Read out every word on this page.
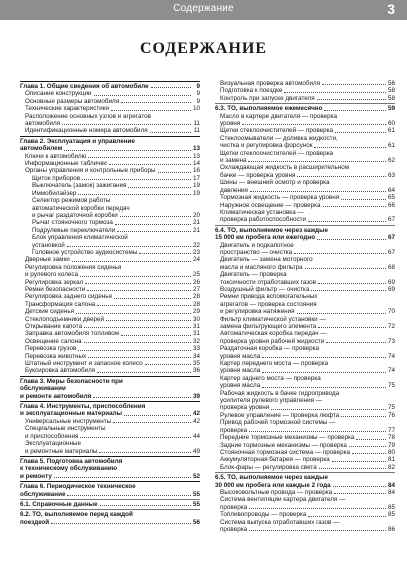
Содержание	3
СОДЕРЖАНИЕ
Глава 1. Общие сведения об автомобиле	9
Описание конструкции	9
Основные размеры автомобиля	9
Технические характеристики	10
Расположение основных узлов и агрегатов
автомобиля	11
Идентификационные номера автомобиля	11
Глава 2. Эксплуатация и управление
автомобилем	13
Ключи к автомобилю	13
Информационные таблички	14
Органы управления и контрольные приборы	16
Щиток приборов	17
Выключатель (замок) зажигания	19
Иммобилайзер	19
Селектор режимов работы
автоматической коробки передач
и рычаг раздаточной коробки	20
Рычаг стояночного тормоза	21
Подрулевые переключатели	21
Блок управления климатической
установкой	22
Головное устройство аудиосистемы	23
Дверные замки	24
Регулировка положения сиденья
и рулевого колеса	25
Регулировка зеркал	26
Ремни безопасности	27
Регулировка заднего сиденья	28
Трансформация салона	28
Детские сиденья	29
Стеклоподъемники дверей	30
Открывание капота	31
Заправка автомобиля топливом	31
Освещение салона	32
Перевозка грузов	33
Перевозка животных	34
Штатный инструмент и запасное колесо	35
Буксировка автомобиля	36
Глава 3. Меры безопасности при
обслуживании
и ремонте автомобиля	39
Глава 4. Инструменты, приспособления
и эксплуатационные материалы	42
Универсальные инструменты	42
Специальные инструменты
и приспособления	44
Эксплуатационные
и ремонтные материалы	49
Глава 5. Подготовка автомобиля
к техническому обслуживанию
и ремонту	52
Глава 6. Периодическое техническое
обслуживание	55
6.1. Справочные данные	55
6.2. ТО, выполняемое перед каждой
поездкой	56
Визуальная проверка автомобиля	56
Подготовка к поездке	58
Контроль при запуске двигателя	58
6.3. ТО, выполняемое ежемесячно	59
Масло в картере двигателя — проверка
уровня	60
Щетки стеклоочистителей — проверка	61
Стеклоомыватели — доливка жидкости,
чистка и регулировка форсунок	61
Щетки стеклоочистителей — проверка
и замена	62
Охлаждающая жидкость в расширительном
бачке — проверка уровня	63
Шины — внешний осмотр и проверка
давления	64
Тормозная жидкость — проверка уровня	65
Наружное освещение — проверка	66
Климатическая установка —
проверка работоспособности	67
6.4. ТО, выполняемое через каждые
15 000 км пробега или ежегодно	67
Двигатель и подкапотное
пространство — очистка	67
Двигатель — замена моторного
масла и масляного фильтра	68
Двигатель — проверка
токсичности отработавших газов	69
Воздушный фильтр — очистка	69
Ремни привода вспомогательных
агрегатов — проверка состояния
и регулировка натяжения	70
Фильтр климатической установки —
замена фильтрующего элемента	72
Автоматическая коробка передач —
проверка уровня рабочей жидкости	73
Раздаточная коробка — проверка
уровня масла	74
Картер переднего моста — проверка
уровня масла	74
Картер заднего моста — проверка
уровня масла	75
Рабочая жидкость в бачке гидропривода
усилителя рулевого управления —
проверка уровня	75
Рулевое управление — проверка люфта	76
Привод рабочей тормозной системы —
проверка	77
Передние тормозные механизмы — проверка	78
Задние тормозные механизмы — проверка	79
Стояночная тормозная система — проверка	80
Аккумуляторная батарея — проверка	81
Блок-фары — регулировка света	82
6.5. ТО, выполняемое через каждые
30 000 км пробега или каждые 2 года	84
Высоковольтные провода — проверка	84
Система вентиляции картера двигателя —
проверка	85
Топливопроводы — проверка	85
Система выпуска отработавших газов —
проверка	86
